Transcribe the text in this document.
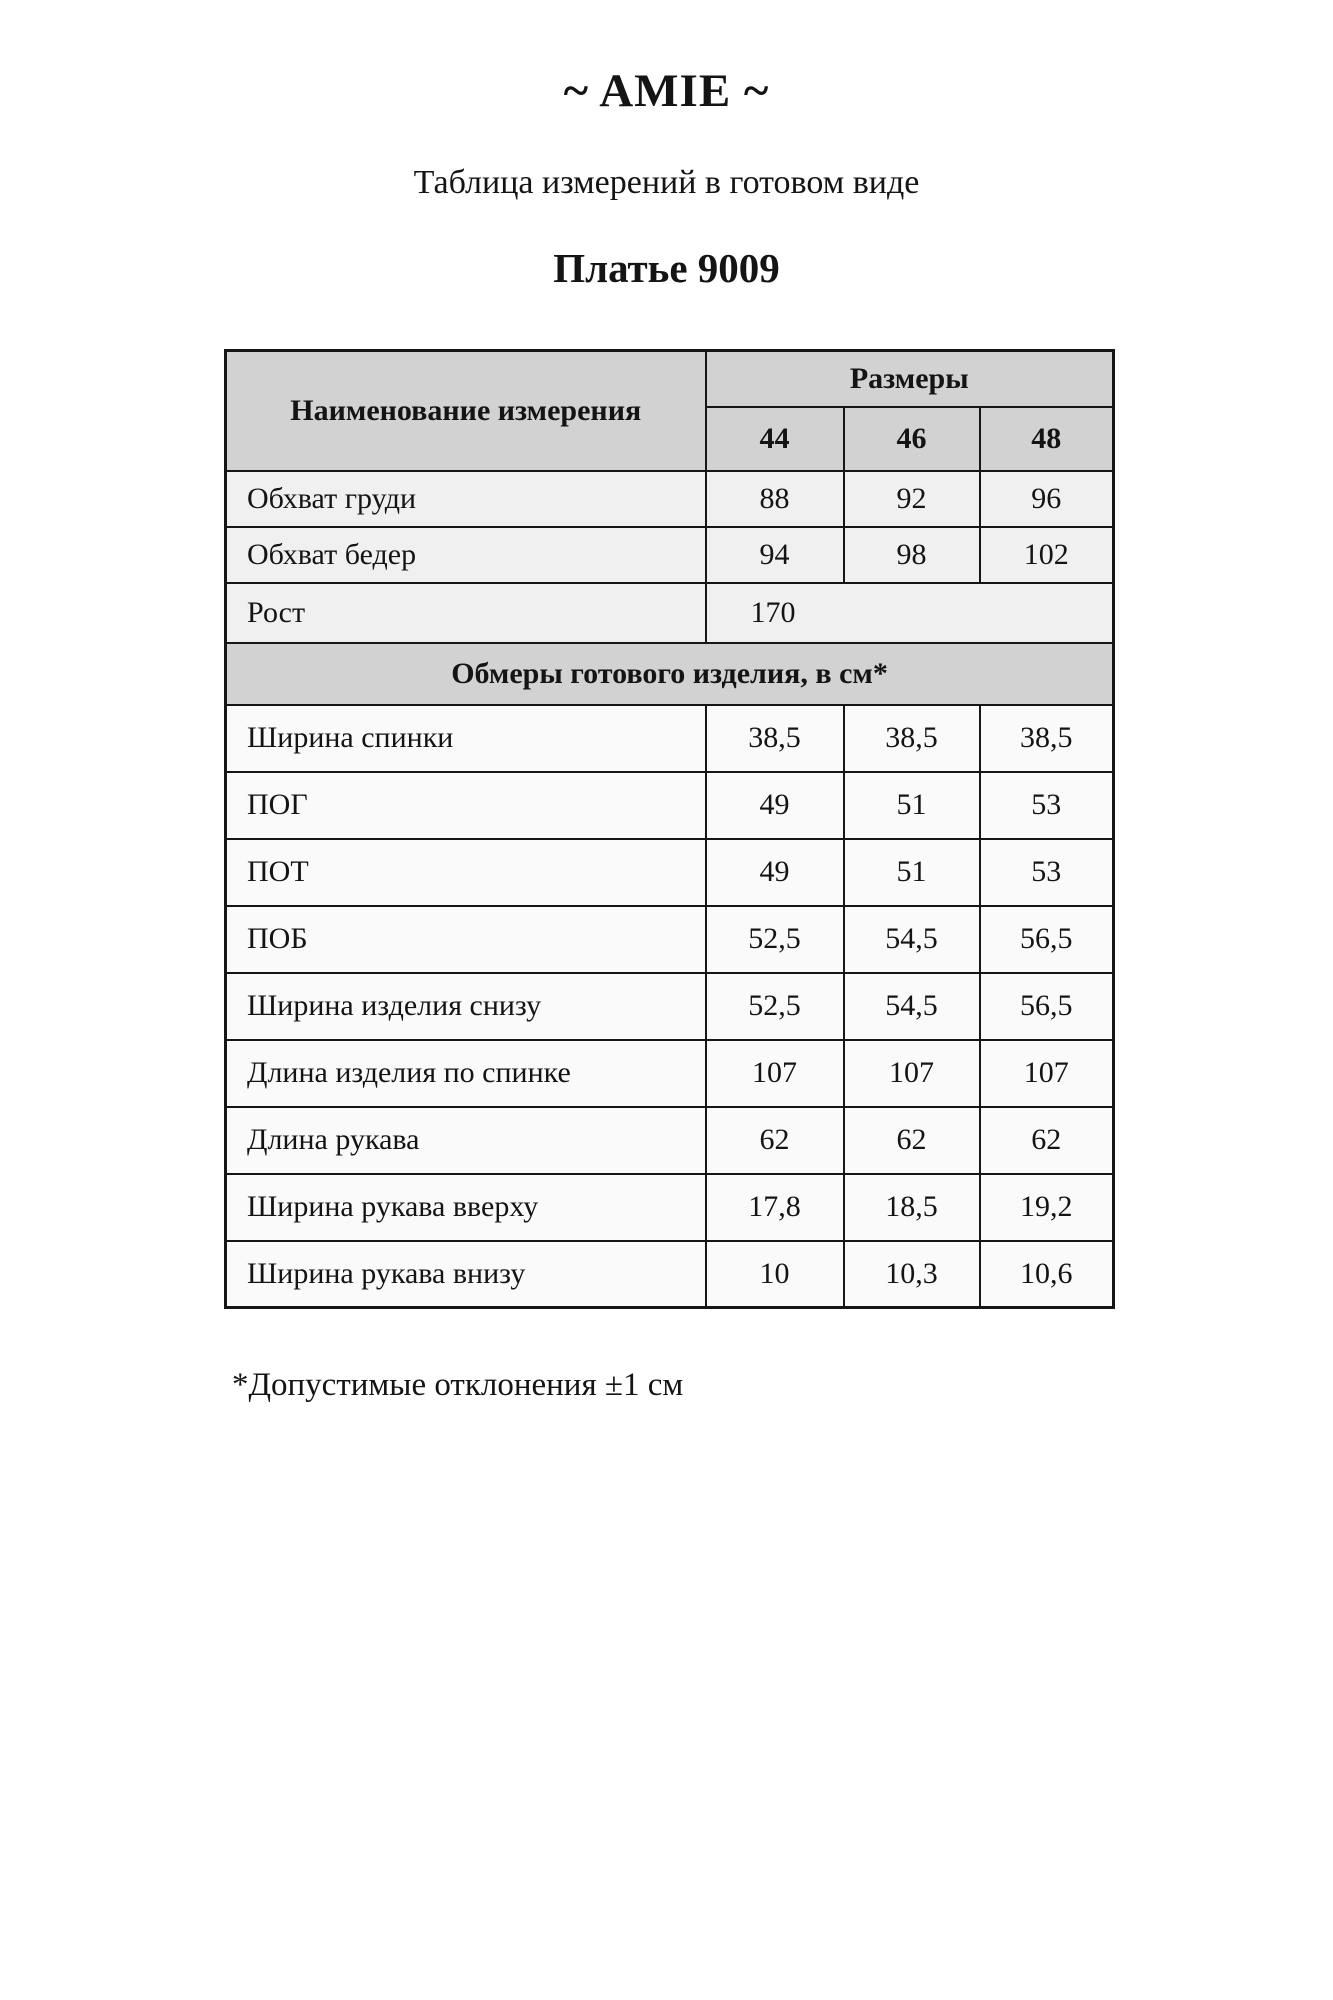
~ AMIE ~
Таблица измерений в готовом виде
Платье 9009
Наименование измерения	Размеры		
	44	46	48
Обхват груди	88	92	96
Обхват бедер	94	98	102
Рост	170		
Обмеры готового изделия, в см*			
Ширина спинки	38,5	38,5	38,5
ПОГ	49	51	53
ПОТ	49	51	53
ПОБ	52,5	54,5	56,5
Ширина изделия снизу	52,5	54,5	56,5
Длина изделия по спинке	107	107	107
Длина рукава	62	62	62
Ширина рукава вверху	17,8	18,5	19,2
Ширина рукава внизу	10	10,3	10,6
*Допустимые отклонения ±1 см
